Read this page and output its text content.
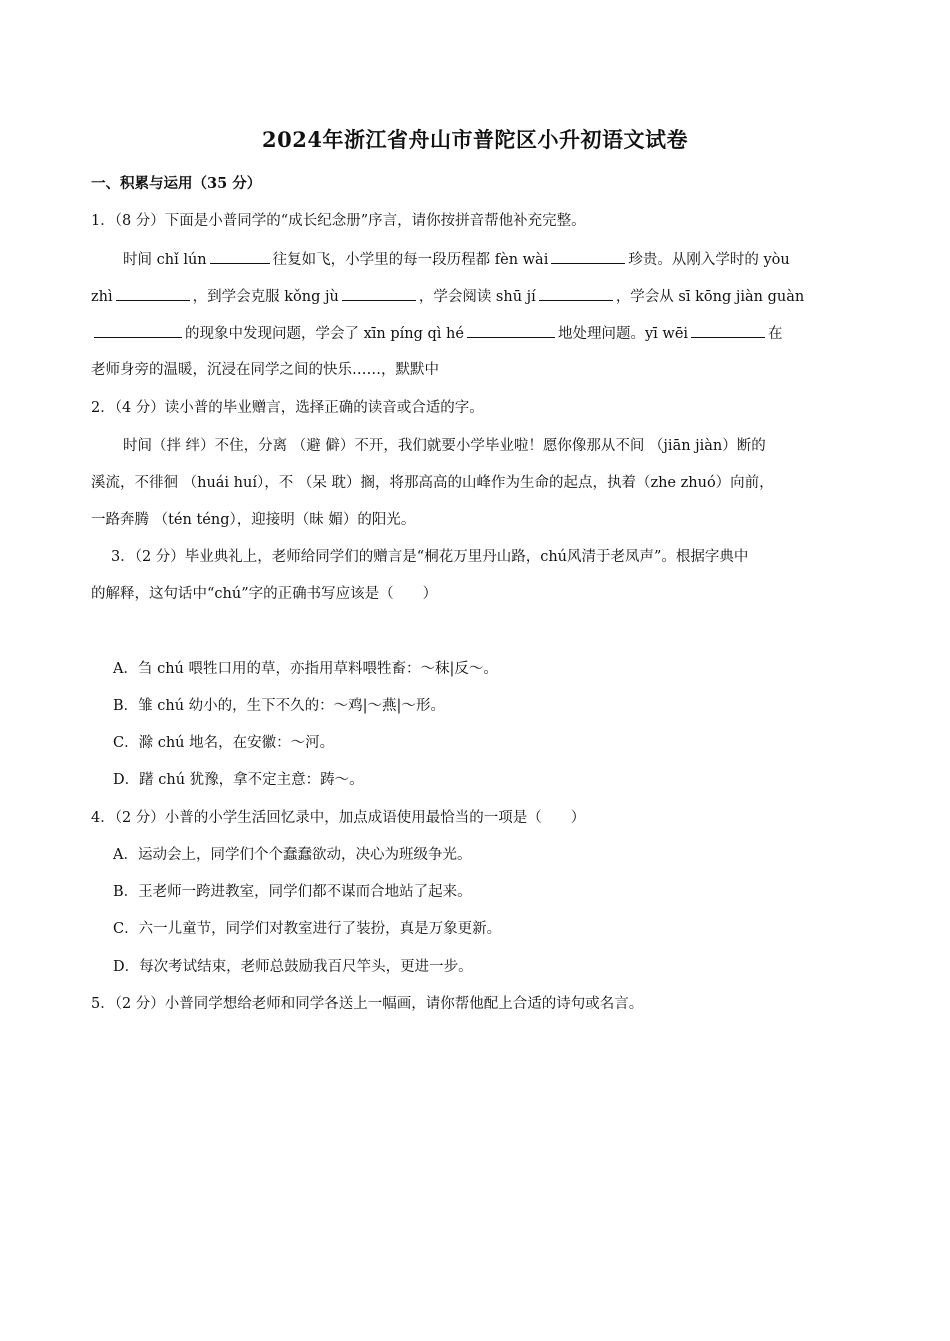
2024年浙江省舟山市普陀区小升初语文试卷
一、积累与运用（35 分）
1．（8 分）下面是小普同学的“成长纪念册”序言，请你按拼音帮他补充完整。
时间 chǐ lún	往复如飞，小学里的每一段历程都 fèn wài	珍贵。从刚入学时的 yòu
zhì	，到学会克服 kǒng jù	，学会阅读 shū jí	，学会从 sī kōng jiàn guàn
的现象中发现问题，学会了 xīn píng qì hé	地处理问题。yī wēi	在
老师身旁的温暖，沉浸在同学之间的快乐……，默默中
2．（4 分）读小普的毕业赠言，选择正确的读音或合适的字。
时间（拌 绊）不住，分离 （避 僻）不开，我们就要小学毕业啦！愿你像那从不间 （jiān jiàn）断的
溪流，不徘徊 （huái huí），不 （呆 耽）搁，将那高高的山峰作为生命的起点，执着（zhe zhuó）向前，
一路奔腾 （tén téng），迎接明（昧 媚）的阳光。
3．（2 分）毕业典礼上，老师给同学们的赠言是“桐花万里丹山路，chú风清于老凤声”。根据字典中
的解释，这句话中“chú”字的正确书写应该是（　　）
A．刍 chú 喂牲口用的草，亦指用草料喂牲畜：～秣|反～。
B．雏 chú 幼小的，生下不久的：～鸡|～燕|～形。
C．滁 chú 地名，在安徽：～河。
D．躇 chú 犹豫，拿不定主意：踌～。
4．（2 分）小普的小学生活回忆录中，加点成语使用最恰当的一项是（　　）
A．运动会上，同学们个个蠢蠢欲动，决心为班级争光。
B．王老师一跨进教室，同学们都不谋而合地站了起来。
C．六一儿童节，同学们对教室进行了装扮，真是万象更新。
D．每次考试结束，老师总鼓励我百尺竿头，更进一步。
5．（2 分）小普同学想给老师和同学各送上一幅画，请你帮他配上合适的诗句或名言。
